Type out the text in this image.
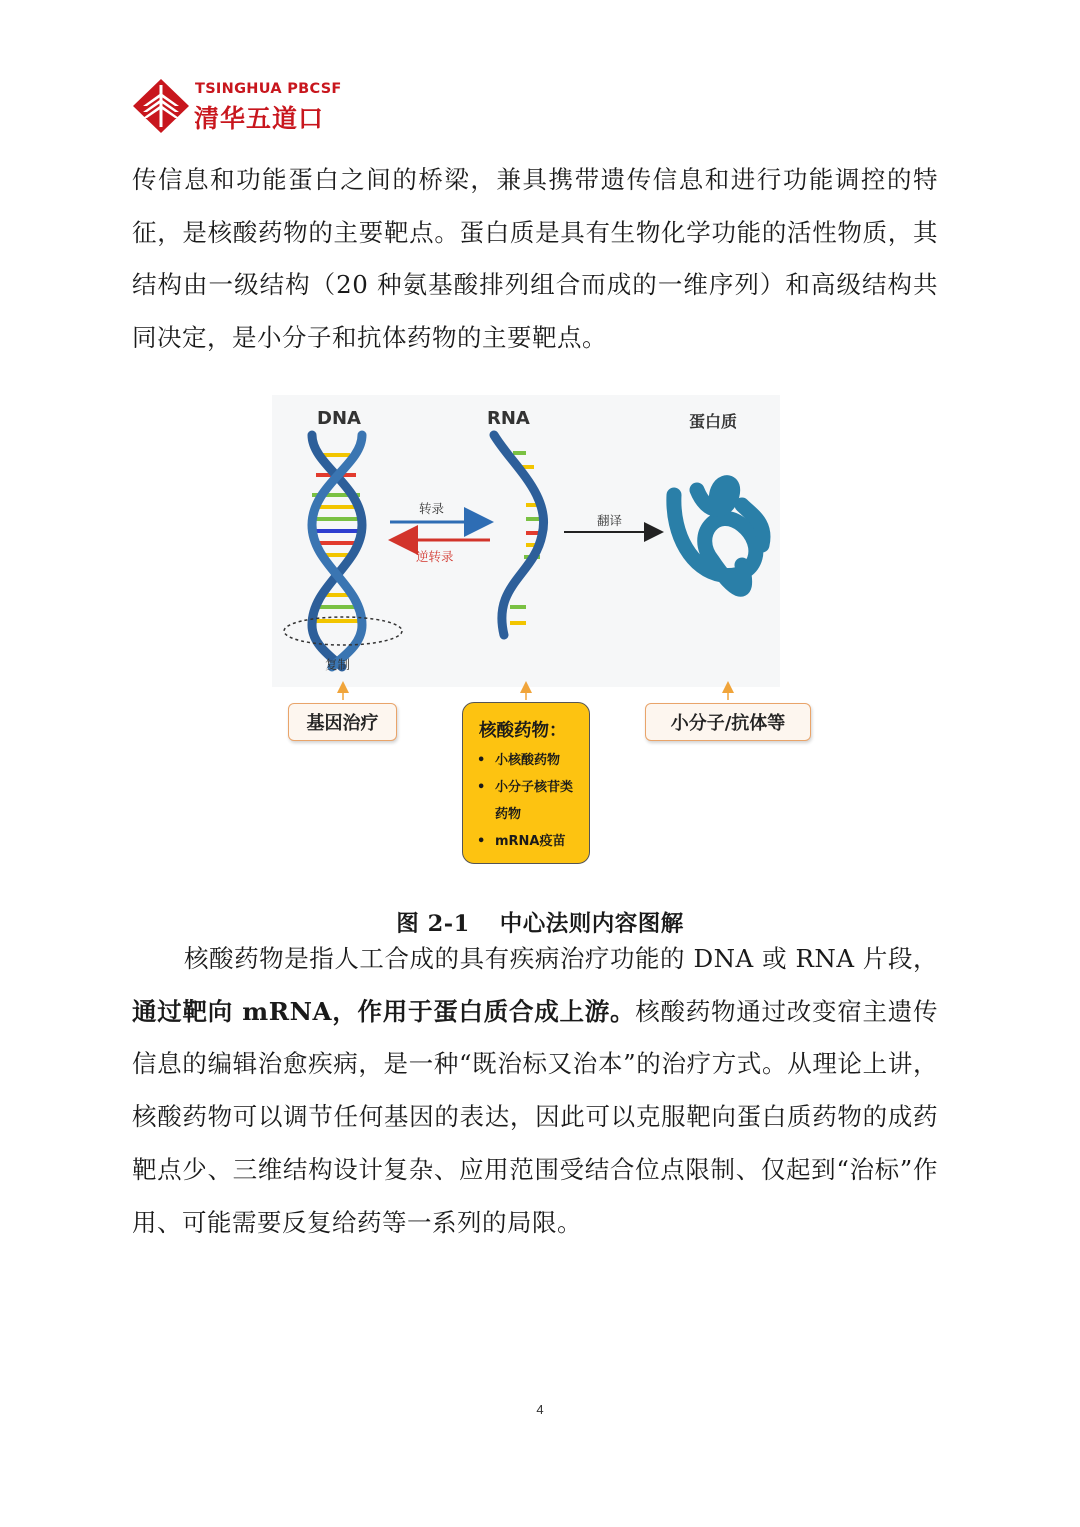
TSINGHUA PBCSF
清华五道口
传信息和功能蛋白之间的桥梁，兼具携带遗传信息和进行功能调控的特征，是核酸药物的主要靶点。蛋白质是具有生物化学功能的活性物质，其结构由一级结构（20 种氨基酸排列组合而成的一维序列）和高级结构共同决定，是小分子和抗体药物的主要靶点。
DNA	RNA	蛋白质
转录
逆转录
翻译
复制
基因治疗	小分子/抗体等
核酸药物：
• 小核酸药物
• 小分子核苷类药物
• mRNA疫苗
图 2-1 中心法则内容图解
核酸药物是指人工合成的具有疾病治疗功能的 DNA 或 RNA 片段，通过靶向 mRNA，作用于蛋白质合成上游。核酸药物通过改变宿主遗传信息的编辑治愈疾病，是一种“既治标又治本”的治疗方式。从理论上讲，核酸药物可以调节任何基因的表达，因此可以克服靶向蛋白质药物的成药靶点少、三维结构设计复杂、应用范围受结合位点限制、仅起到“治标”作用、可能需要反复给药等一系列的局限。
4
